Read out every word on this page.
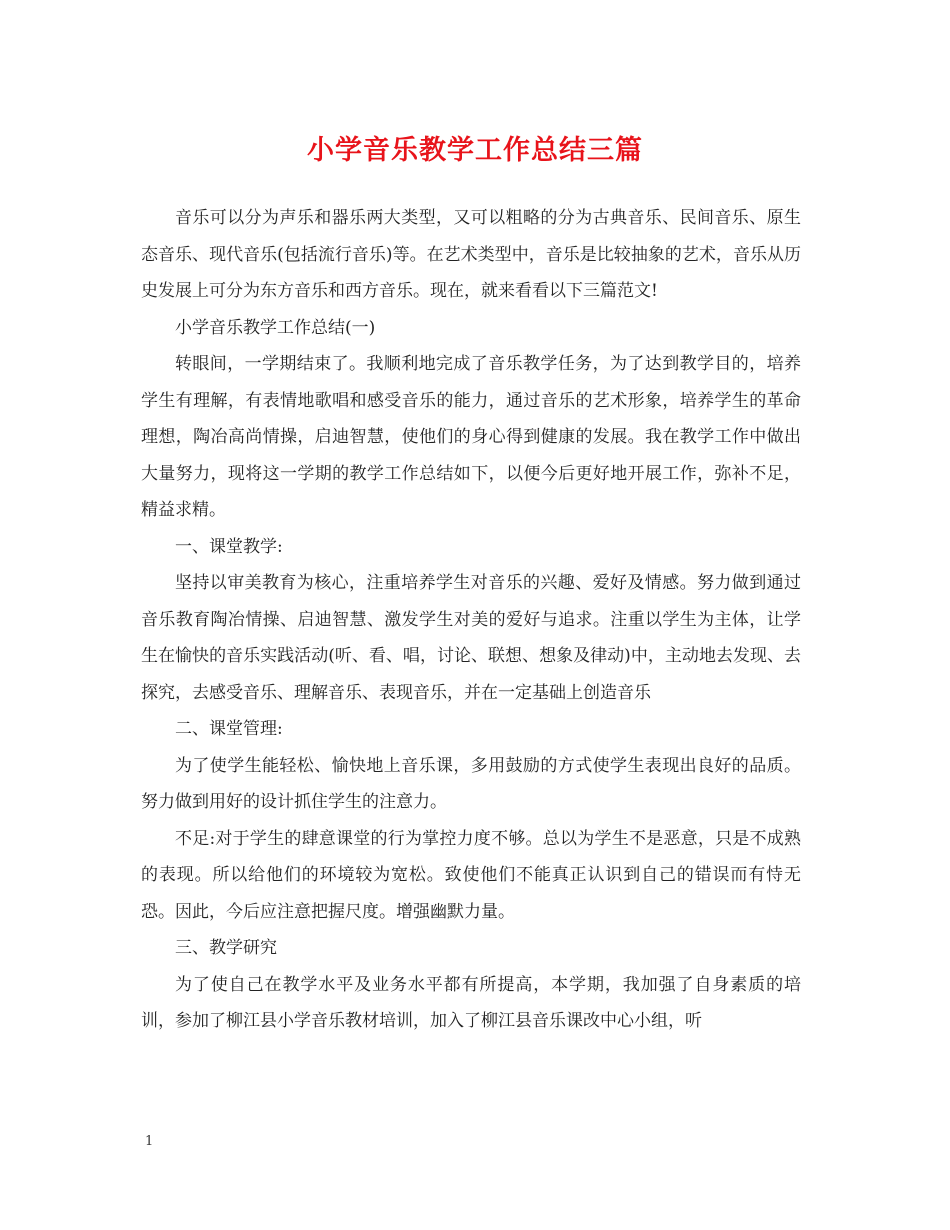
小学音乐教学工作总结三篇

音乐可以分为声乐和器乐两大类型，又可以粗略的分为古典音乐、民间音乐、原生态音乐、现代音乐(包括流行音乐)等。在艺术类型中，音乐是比较抽象的艺术，音乐从历史发展上可分为东方音乐和西方音乐。现在，就来看看以下三篇范文!

小学音乐教学工作总结(一)

转眼间，一学期结束了。我顺利地完成了音乐教学任务，为了达到教学目的，培养学生有理解，有表情地歌唱和感受音乐的能力，通过音乐的艺术形象，培养学生的革命理想，陶冶高尚情操，启迪智慧，使他们的身心得到健康的发展。我在教学工作中做出大量努力，现将这一学期的教学工作总结如下，以便今后更好地开展工作，弥补不足，精益求精。

一、课堂教学:

坚持以审美教育为核心，注重培养学生对音乐的兴趣、爱好及情感。努力做到通过音乐教育陶冶情操、启迪智慧、激发学生对美的爱好与追求。注重以学生为主体，让学生在愉快的音乐实践活动(听、看、唱，讨论、联想、想象及律动)中，主动地去发现、去探究，去感受音乐、理解音乐、表现音乐，并在一定基础上创造音乐

二、课堂管理:

为了使学生能轻松、愉快地上音乐课，多用鼓励的方式使学生表现出良好的品质。努力做到用好的设计抓住学生的注意力。

不足:对于学生的肆意课堂的行为掌控力度不够。总以为学生不是恶意，只是不成熟的表现。所以给他们的环境较为宽松。致使他们不能真正认识到自己的错误而有恃无恐。因此，今后应注意把握尺度。增强幽默力量。

三、教学研究

为了使自己在教学水平及业务水平都有所提高，本学期，我加强了自身素质的培训，参加了柳江县小学音乐教材培训，加入了柳江县音乐课改中心小组，听

1
